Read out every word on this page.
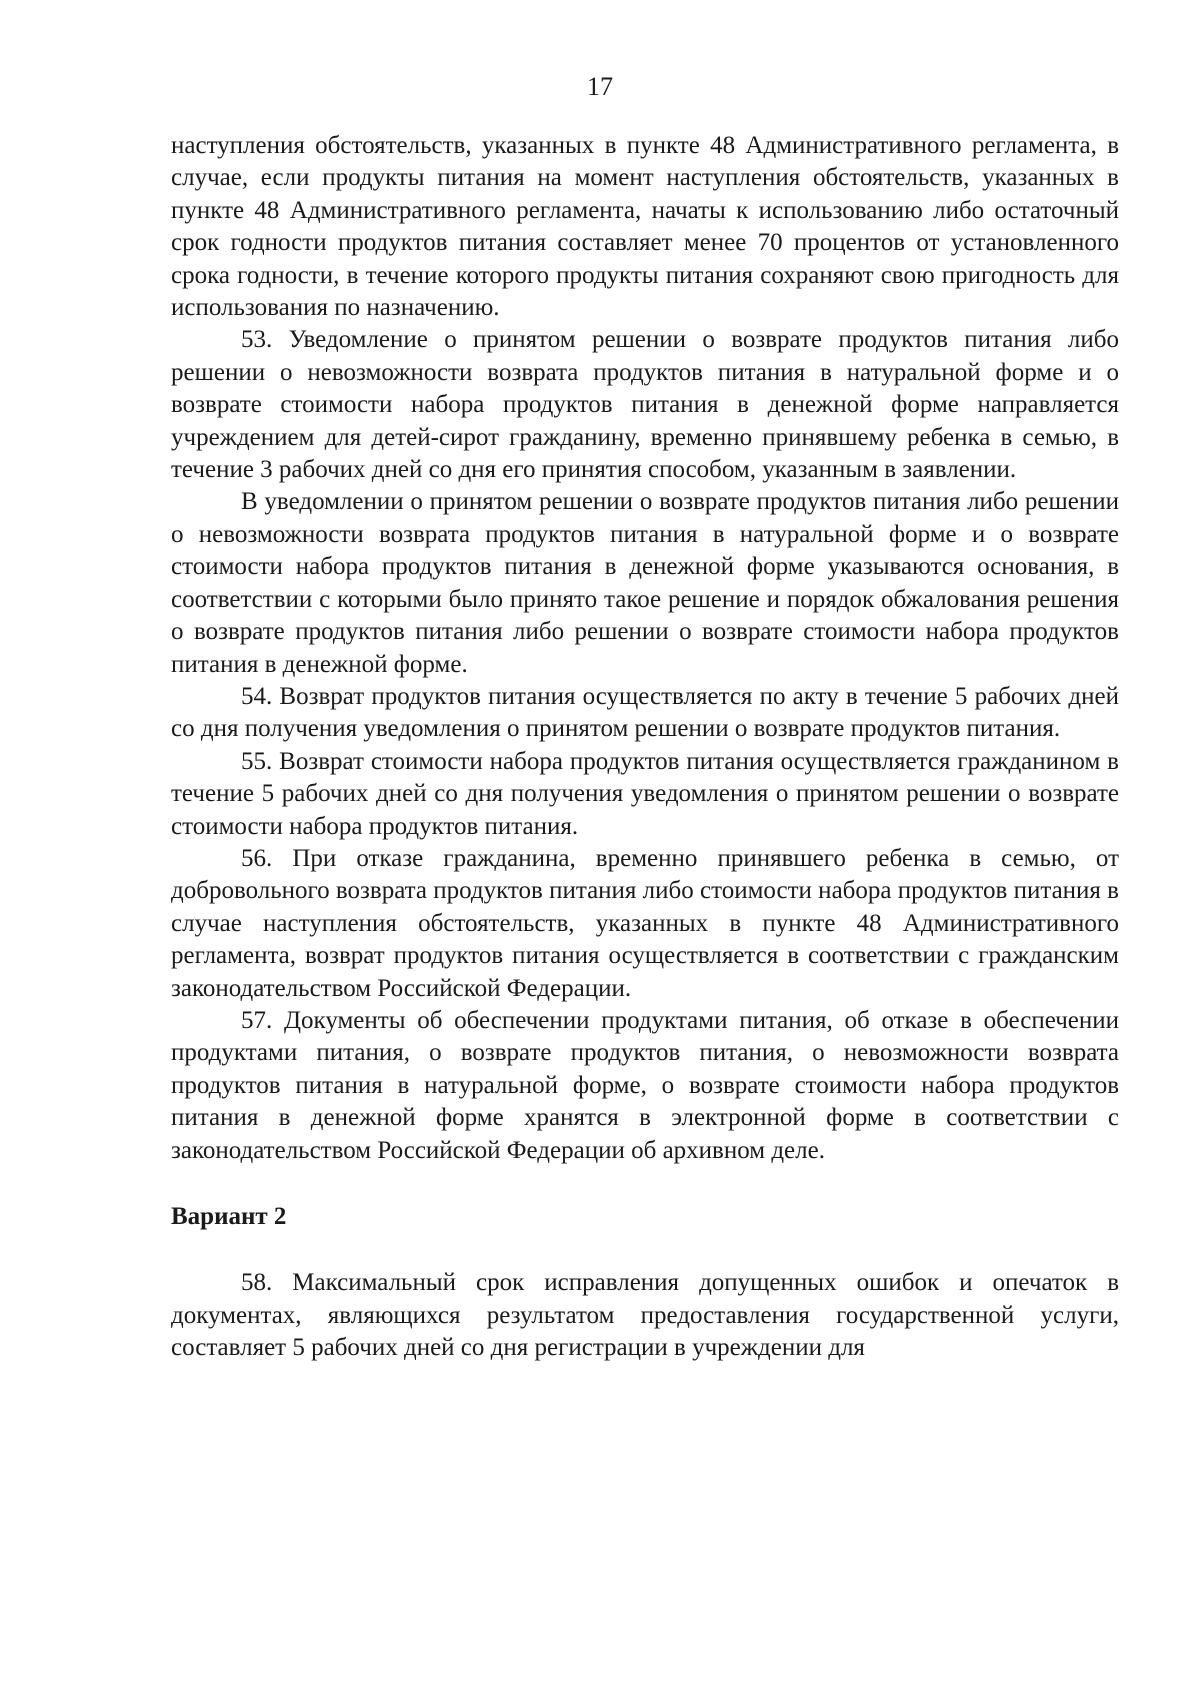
17

наступления обстоятельств, указанных в пункте 48 Административного регламента, в случае, если продукты питания на момент наступления обстоятельств, указанных в пункте 48 Административного регламента, начаты к использованию либо остаточный срок годности продуктов питания составляет менее 70 процентов от установленного срока годности, в течение которого продукты питания сохраняют свою пригодность для использования по назначению.

53. Уведомление о принятом решении о возврате продуктов питания либо решении о невозможности возврата продуктов питания в натуральной форме и о возврате стоимости набора продуктов питания в денежной форме направляется учреждением для детей-сирот гражданину, временно принявшему ребенка в семью, в течение 3 рабочих дней со дня его принятия способом, указанным в заявлении.

В уведомлении о принятом решении о возврате продуктов питания либо решении о невозможности возврата продуктов питания в натуральной форме и о возврате стоимости набора продуктов питания в денежной форме указываются основания, в соответствии с которыми было принято такое решение и порядок обжалования решения о возврате продуктов питания либо решении о возврате стоимости набора продуктов питания в денежной форме.

54. Возврат продуктов питания осуществляется по акту в течение 5 рабочих дней со дня получения уведомления о принятом решении о возврате продуктов питания.

55. Возврат стоимости набора продуктов питания осуществляется гражданином в течение 5 рабочих дней со дня получения уведомления о принятом решении о возврате стоимости набора продуктов питания.

56. При отказе гражданина, временно принявшего ребенка в семью, от добровольного возврата продуктов питания либо стоимости набора продуктов питания в случае наступления обстоятельств, указанных в пункте 48 Административного регламента, возврат продуктов питания осуществляется в соответствии с гражданским законодательством Российской Федерации.

57. Документы об обеспечении продуктами питания, об отказе в обеспечении продуктами питания, о возврате продуктов питания, о невозможности возврата продуктов питания в натуральной форме, о возврате стоимости набора продуктов питания в денежной форме хранятся в электронной форме в соответствии с законодательством Российской Федерации об архивном деле.

Вариант 2

58. Максимальный срок исправления допущенных ошибок и опечаток в документах, являющихся результатом предоставления государственной услуги, составляет 5 рабочих дней со дня регистрации в учреждении для
